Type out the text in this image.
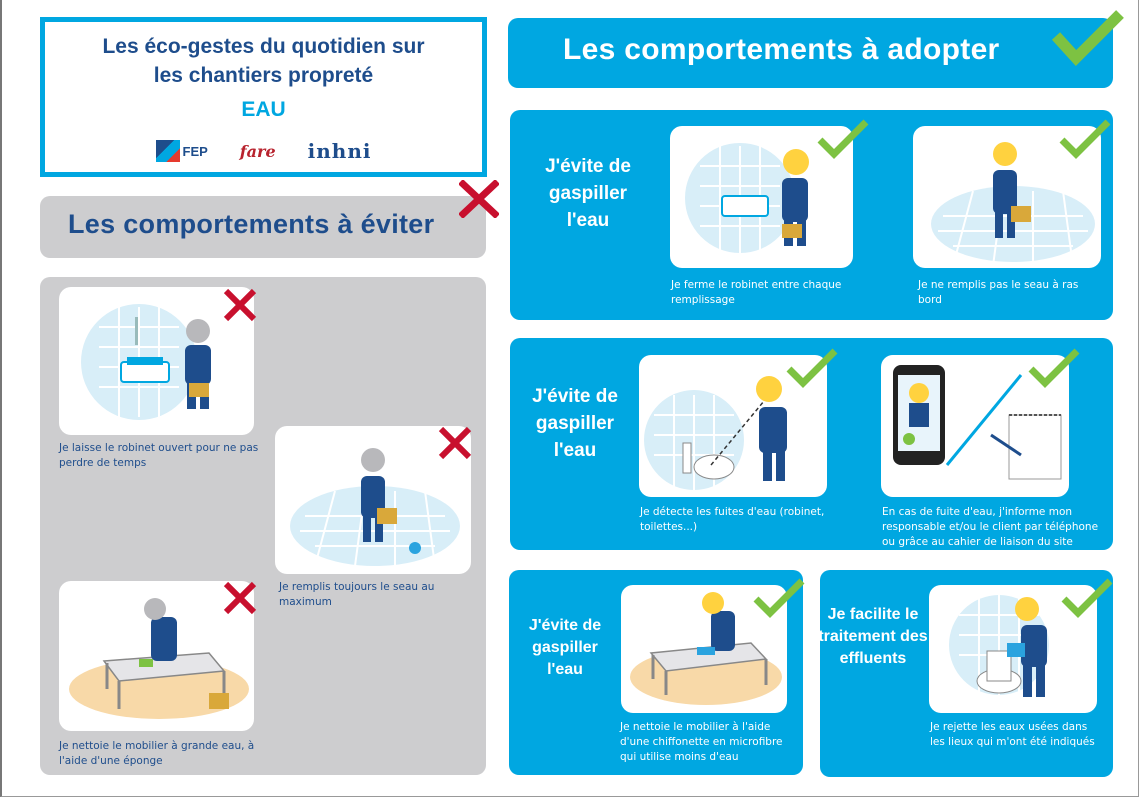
Les éco-gestes du quotidien sur les chantiers propreté
EAU
FEP fare inhni
Les comportements à éviter
Les comportements à adopter
Je laisse le robinet ouvert pour ne pas perdre de temps
Je remplis toujours le seau au maximum
Je nettoie le mobilier à grande eau, à l'aide d'une éponge
J'évite de gaspiller l'eau
Je ferme le robinet entre chaque remplissage
Je ne remplis pas le seau à ras bord
J'évite de gaspiller l'eau
Je détecte les fuites d'eau (robinet, toilettes...)
En cas de fuite d'eau, j'informe mon responsable et/ou le client par téléphone ou grâce au cahier de liaison du site
J'évite de gaspiller l'eau
Je nettoie le mobilier à l'aide d'une chiffonette en microfibre qui utilise moins d'eau
Je facilite le traitement des effluents
Je rejette les eaux usées dans les lieux qui m'ont été indiqués
